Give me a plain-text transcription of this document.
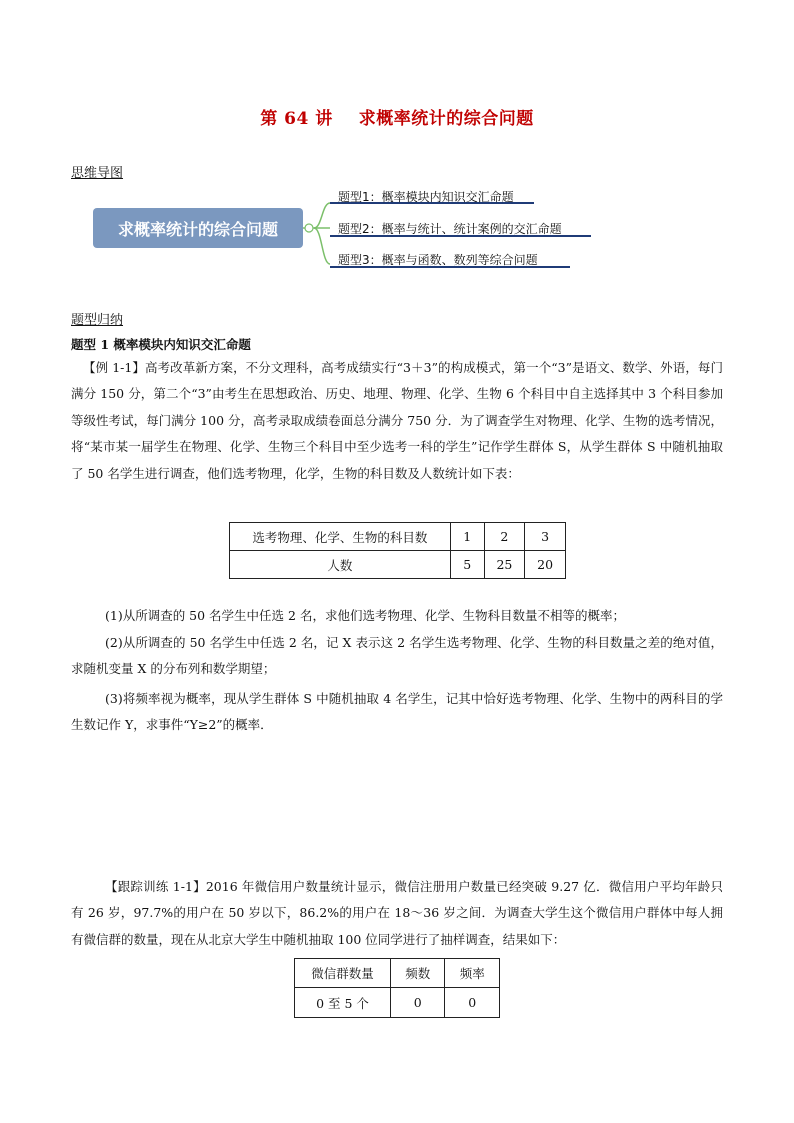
第 64 讲 求概率统计的综合问题
思维导图
求概率统计的综合问题
题型1：概率模块内知识交汇命题
题型2：概率与统计、统计案例的交汇命题
题型3：概率与函数、数列等综合问题
题型归纳
题型 1 概率模块内知识交汇命题
【例 1-1】高考改革新方案，不分文理科，高考成绩实行“3＋3”的构成模式，第一个“3”是语文、数学、外语，每门满分 150 分，第二个“3”由考生在思想政治、历史、地理、物理、化学、生物 6 个科目中自主选择其中 3 个科目参加等级性考试，每门满分 100 分，高考录取成绩卷面总分满分 750 分．为了调查学生对物理、化学、生物的选考情况，将“某市某一届学生在物理、化学、生物三个科目中至少选考一科的学生”记作学生群体 S，从学生群体 S 中随机抽取了 50 名学生进行调查，他们选考物理，化学，生物的科目数及人数统计如下表：
选考物理、化学、生物的科目数	1	2	3
人数	5	25	20
(1)从所调查的 50 名学生中任选 2 名，求他们选考物理、化学、生物科目数量不相等的概率；
(2)从所调查的 50 名学生中任选 2 名，记 X 表示这 2 名学生选考物理、化学、生物的科目数量之差的绝对值，求随机变量 X 的分布列和数学期望；
(3)将频率视为概率，现从学生群体 S 中随机抽取 4 名学生，记其中恰好选考物理、化学、生物中的两科目的学生数记作 Y，求事件“Y≥2”的概率．
【跟踪训练 1-1】2016 年微信用户数量统计显示，微信注册用户数量已经突破 9.27 亿．微信用户平均年龄只有 26 岁，97.7%的用户在 50 岁以下，86.2%的用户在 18～36 岁之间．为调查大学生这个微信用户群体中每人拥有微信群的数量，现在从北京大学生中随机抽取 100 位同学进行了抽样调查，结果如下：
微信群数量	频数	频率
0 至 5 个	0	0
